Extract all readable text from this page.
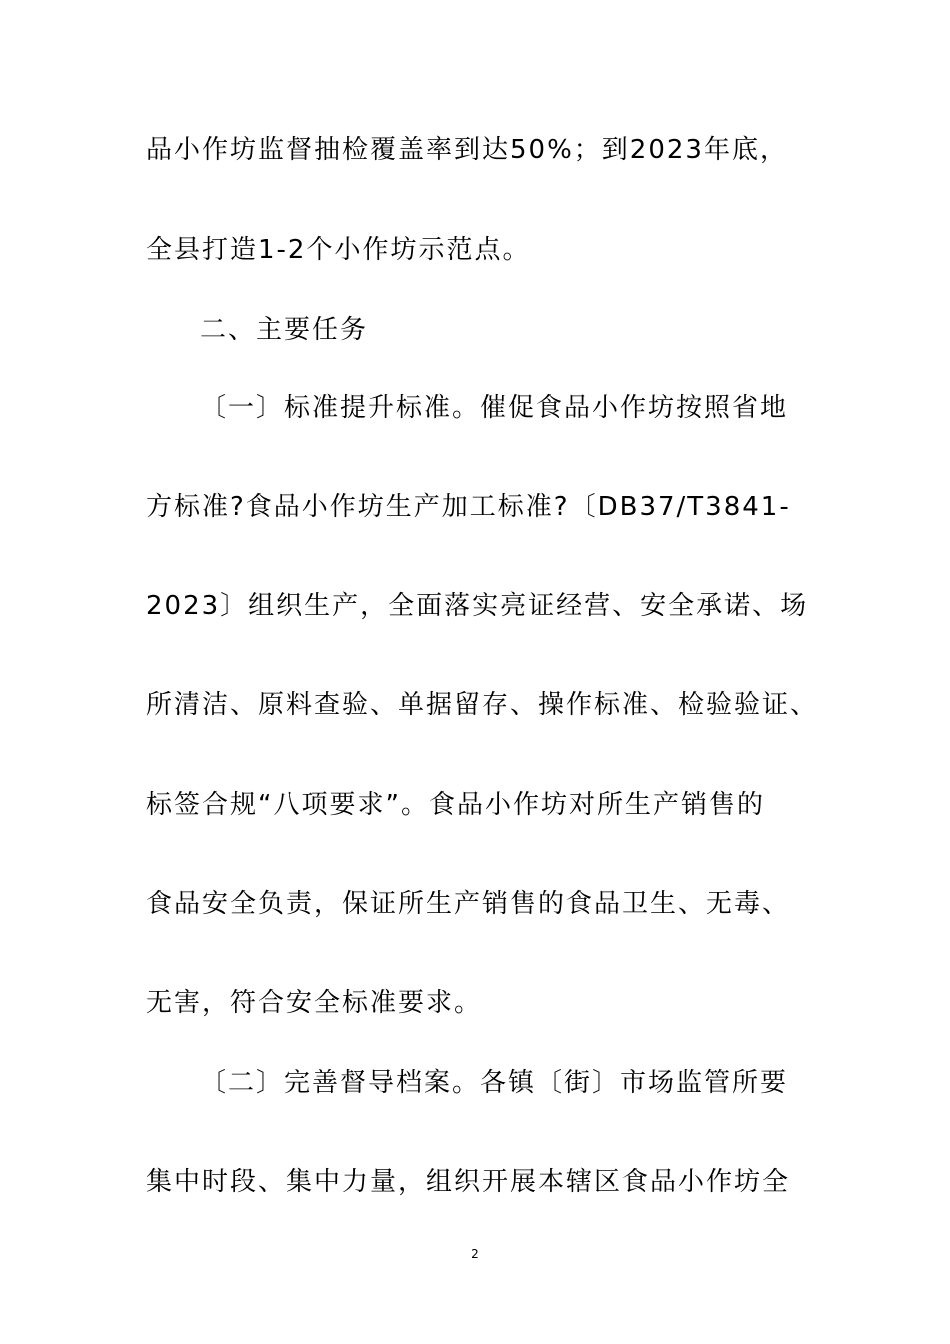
品小作坊监督抽检覆盖率到达50%；到2023年底，
全县打造1-2个小作坊示范点。
二、主要任务
〔一〕标准提升标准。催促食品小作坊按照省地
方标准?食品小作坊生产加工标准?〔DB37/T3841-
2023〕组织生产，全面落实亮证经营、安全承诺、场
所清洁、原料查验、单据留存、操作标准、检验验证、
标签合规“八项要求”。食品小作坊对所生产销售的
食品安全负责，保证所生产销售的食品卫生、无毒、
无害，符合安全标准要求。
〔二〕完善督导档案。各镇〔街〕市场监管所要
集中时段、集中力量，组织开展本辖区食品小作坊全
2
